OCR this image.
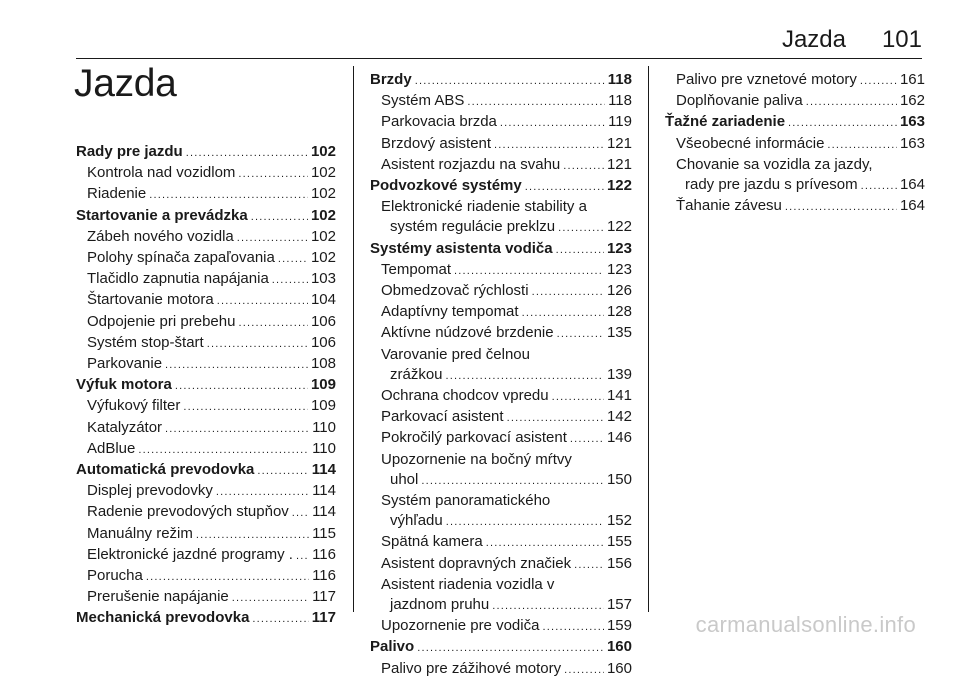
Jazda 101
Jazda
Rady pre jazdu .....	102
Kontrola nad vozidlom .....	102
Riadenie .....	102
Startovanie a prevádzka .....	102
Zábeh nového vozidla .....	102
Polohy spínača zapaľovania ..... 102
Tlačidlo zapnutia napájania .....	103
Štartovanie motora .....	104
Odpojenie pri prebehu .....	106
Systém stop-štart .....	106
Parkovanie .....	108
Výfuk motora .....	109
Výfukový filter .....	109
Katalyzátor .....	110
AdBlue .....	110
Automatická prevodovka .....	114
Displej prevodovky .....	114
Radenie prevodových stupňov ..... 114
Manuálny režim .....	115
Elektronické jazdné programy . ..... 116
Porucha .....	116
Prerušenie napájanie .....	117
Mechanická prevodovka .....	117
Brzdy .....	118
Systém ABS .....	118
Parkovacia brzda .....	119
Brzdový asistent .....	121
Asistent rozjazdu na svahu .....	121
Podvozkové systémy .....	122
Elektronické riadenie stability a
systém regulácie preklzu .....	122
Systémy asistenta vodiča .....	123
Tempomat .....	123
Obmedzovač rýchlosti .....	126
Adaptívny tempomat .....	128
Aktívne núdzové brzdenie .....	135
Varovanie pred čelnou
zrážkou .....	139
Ochrana chodcov vpredu .....	141
Parkovací asistent .....	142
Pokročilý parkovací asistent .....	146
Upozornenie na bočný mŕtvy
uhol .....	150
Systém panoramatického
výhľadu .....	152
Spätná kamera .....	155
Asistent dopravných značiek ..... 156
Asistent riadenia vozidla v
jazdnom pruhu .....	157
Upozornenie pre vodiča .....	159
Palivo .....	160
Palivo pre zážihové motory .....	160
Palivo pre vznetové motory .....	161
Doplňovanie paliva .....	162
Ťažné zariadenie .....	163
Všeobecné informácie .....	163
Chovanie sa vozidla za jazdy,
rady pre jazdu s prívesom .....	164
Ťahanie závesu .....	164
carmanualsonline.info
